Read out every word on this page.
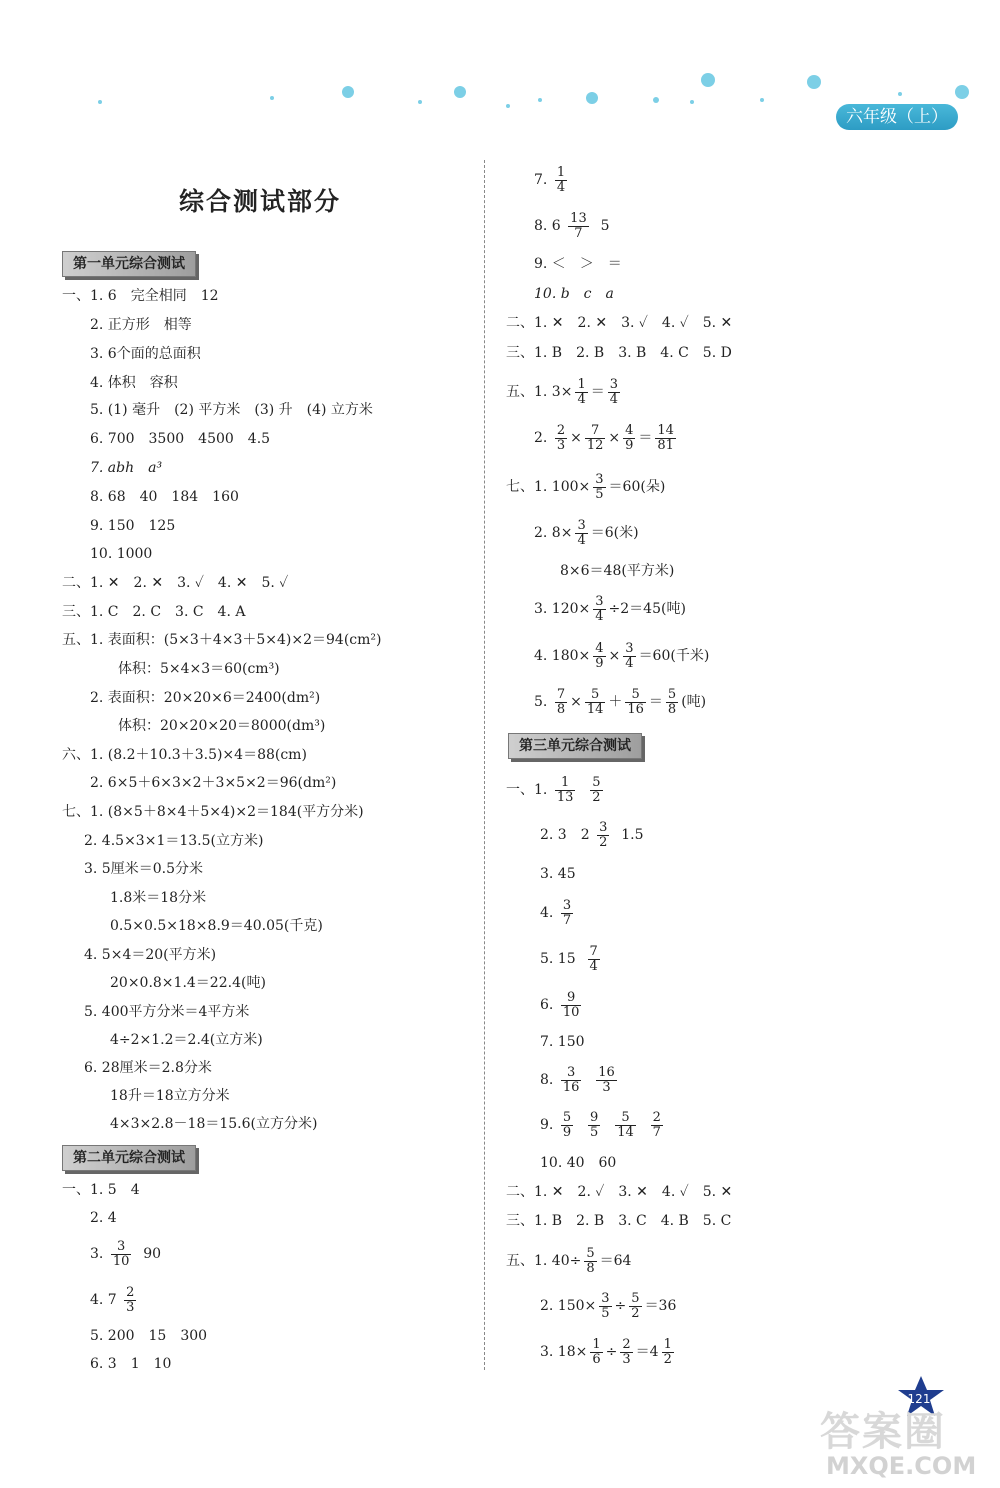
六年级（上）
综合测试部分
第一单元综合测试
一、1. 6　完全相同　12
2. 正方形　相等
3. 6个面的总面积
4. 体积　容积
5. (1) 毫升　(2) 平方米　(3) 升　(4) 立方米
6. 700　3500　4500　4.5
7. abh　a³
8. 68　40　184　160
9. 150　125
10. 1000
二、1. ✕　2. ✕　3. ✓　4. ✕　5. ✓
三、1. C　2. C　3. C　4. A
五、1. 表面积：(5×3＋4×3＋5×4)×2＝94(cm²)
体积：5×4×3＝60(cm³)
2. 表面积：20×20×6＝2400(dm²)
体积：20×20×20＝8000(dm³)
六、1. (8.2＋10.3＋3.5)×4＝88(cm)
2. 6×5＋6×3×2＋3×5×2＝96(dm²)
七、1. (8×5＋8×4＋5×4)×2＝184(平方分米)
2. 4.5×3×1＝13.5(立方米)
3. 5厘米＝0.5分米
1.8米＝18分米
0.5×0.5×18×8.9＝40.05(千克)
4. 5×4＝20(平方米)
20×0.8×1.4＝22.4(吨)
5. 400平方分米＝4平方米
4÷2×1.2＝2.4(立方米)
6. 28厘米＝2.8分米
18升＝18立方分米
4×3×2.8－18＝15.6(立方分米)
第二单元综合测试
一、1. 5　4
2. 4
3. $\frac{3}{10} 90$
4. $7 \frac{2}{3}$
5. 200　15　300
6. 3　1　10
7. $\frac{1}{4}$
8. $6 \frac{13}{7} 5$
9. ＜　＞　＝
10. b　c　a
二、1. ✕　2. ✕　3. ✓　4. ✓　5. ✕
三、1. B　2. B　3. B　4. C　5. D
五、1. $3\times \frac{1}{4} = \frac{3}{4}$
2. $\frac{2}{3} \times \frac{7}{12} \times \frac{4}{9} = \frac{14}{81}$
七、1. $100\times \frac{3}{5} =60$(朵)
2. $8\times \frac{3}{4} =6$(米)
8×6＝48(平方米)
3. $120\times \frac{3}{4} \div 2=45$(吨)
4. $180\times \frac{4}{9} \times \frac{3}{4} =60$(千米)
5. $\frac{7}{8} \times \frac{5}{14} + \frac{5}{16} = \frac{5}{8}$ (吨)
第三单元综合测试
一、1. $\frac{1}{13}$
$\frac{5}{2}$
2. 3　$2 \frac{3}{2} 1.5$
3. 45
4. $\frac{3}{7}$
5. $15 \frac{7}{4}$
6. $\frac{9}{10}$
7. 150
8. $\frac{3}{16}$
$\frac{16}{3}$
9. $\frac{5}{9}$
$\frac{9}{5}$
$\frac{5}{14}$
$\frac{2}{7}$
10. 40　60
二、1. ✕　2. ✓　3. ✕　4. ✓　5. ✕
三、1. B　2. B　3. C　4. B　5. C
五、1. $40\div \frac{5}{8} =64$
2. $150\times \frac{3}{5} \div \frac{5}{2} =36$
3. $18\times \frac{1}{6} \div \frac{2}{3} =4 \frac{1}{2}$
121
答案圈
MXQE.COM
